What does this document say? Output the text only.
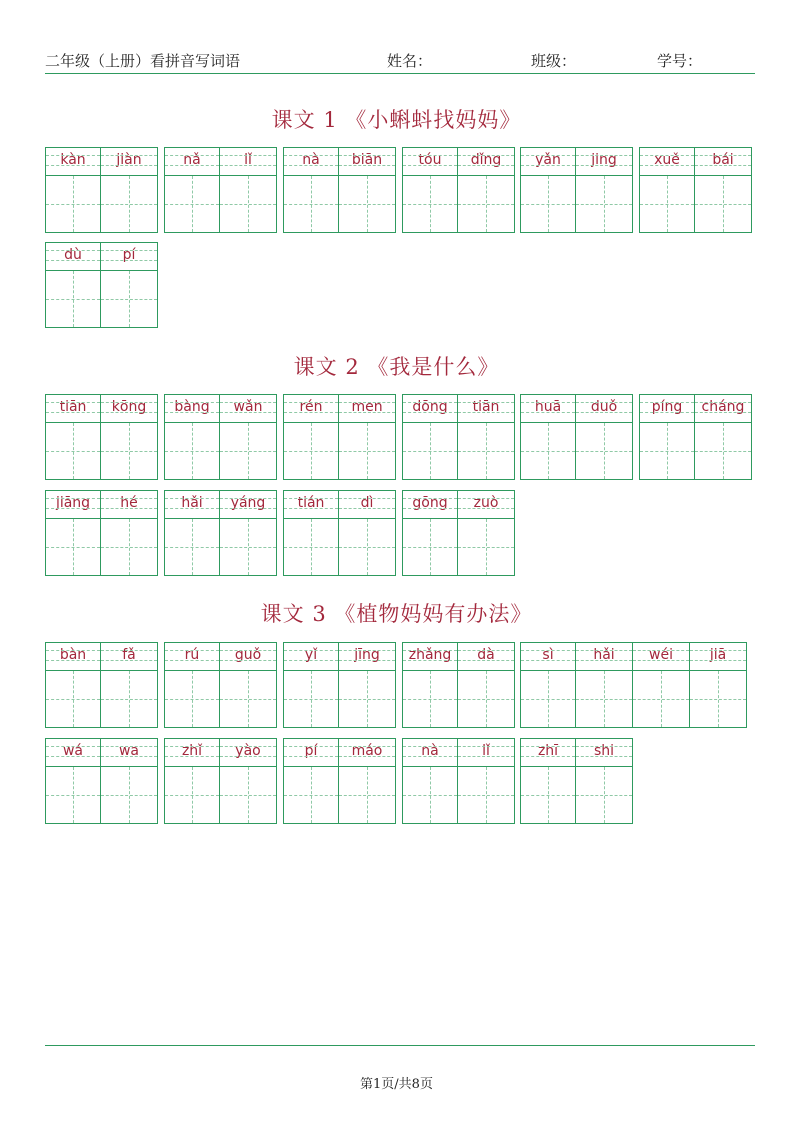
二年级（上册）看拼音写词语	姓名：	班级：	学号：
课文 1 《小蝌蚪找妈妈》
kàn	jiàn	nǎ	lǐ	nà	biān	tóu	dǐng	yǎn	jing	xuě	bái
dù	pí
课文 2 《我是什么》
tiān	kōng	bàng	wǎn	rén	men	dōng	tiān	huā	duǒ	píng	cháng
jiāng	hé	hǎi	yáng	tián	dì	gōng	zuò
课文 3 《植物妈妈有办法》
bàn	fǎ	rú	guǒ	yǐ	jīng	zhǎng	dà	sì	hǎi	wéi	jiā
wá	wa	zhǐ	yào	pí	máo	nà	lǐ	zhī	shi
第1页/共8页
